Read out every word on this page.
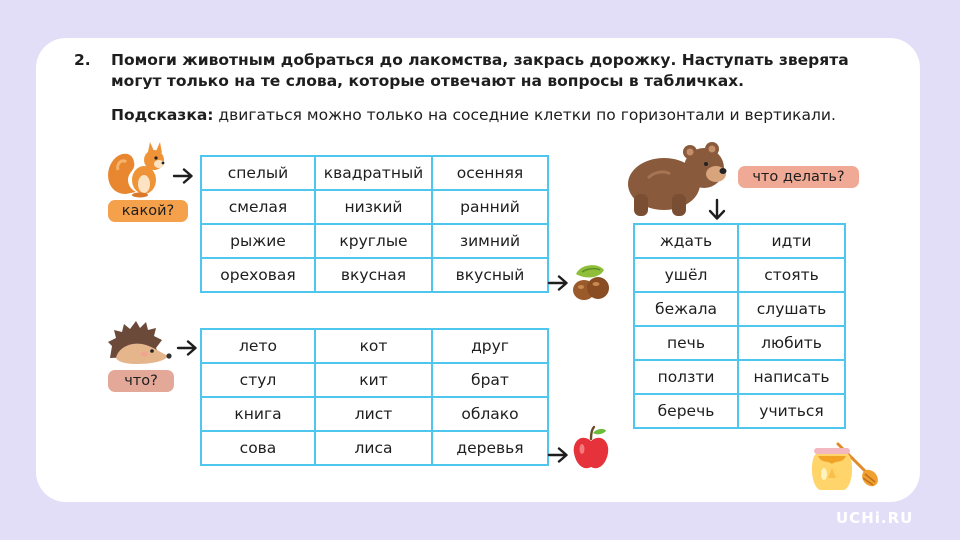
2. Помоги животным добраться до лакомства, закрась дорожку. Наступать зверята
могут только на те слова, которые отвечают на вопросы в табличках.
Подсказка: двигаться можно только на соседние клетки по горизонтали и вертикали.
какой?
спелый	квадратный	осенняя
смелая	низкий	ранний
рыжие	круглые	зимний
ореховая	вкусная	вкусный
что?
лето	кот	друг
стул	кит	брат
книга	лист	облако
сова	лиса	деревья
что делать?
ждать	идти
ушёл	стоять
бежала	слушать
печь	любить
ползти	написать
беречь	учиться
UCHi.RU
